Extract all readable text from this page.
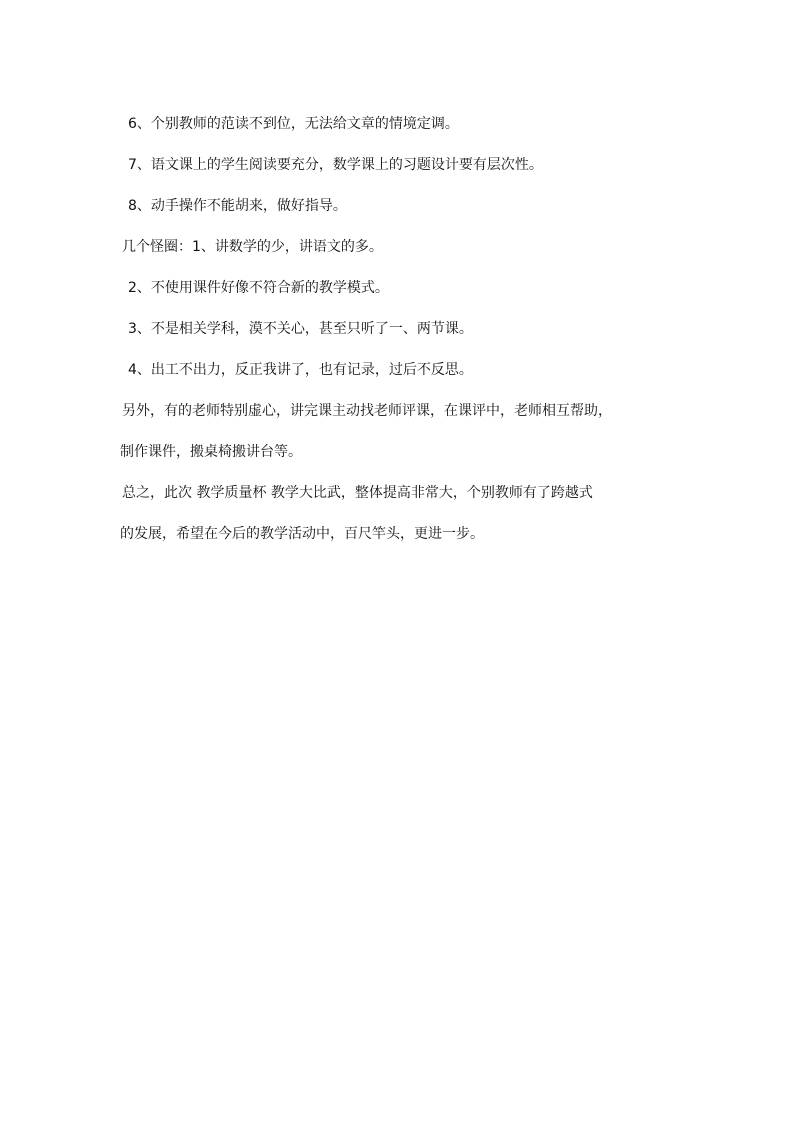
6、个别教师的范读不到位，无法给文章的情境定调。

7、语文课上的学生阅读要充分，数学课上的习题设计要有层次性。

8、动手操作不能胡来，做好指导。

几个怪圈：1、讲数学的少，讲语文的多。

2、不使用课件好像不符合新的教学模式。

3、不是相关学科，漠不关心，甚至只听了一、两节课。

4、出工不出力，反正我讲了，也有记录，过后不反思。

另外，有的老师特别虚心，讲完课主动找老师评课，在课评中，老师相互帮助，

制作课件，搬桌椅搬讲台等。

总之，此次 教学质量杯 教学大比武，整体提高非常大，个别教师有了跨越式

的发展，希望在今后的教学活动中，百尺竿头，更进一步。
